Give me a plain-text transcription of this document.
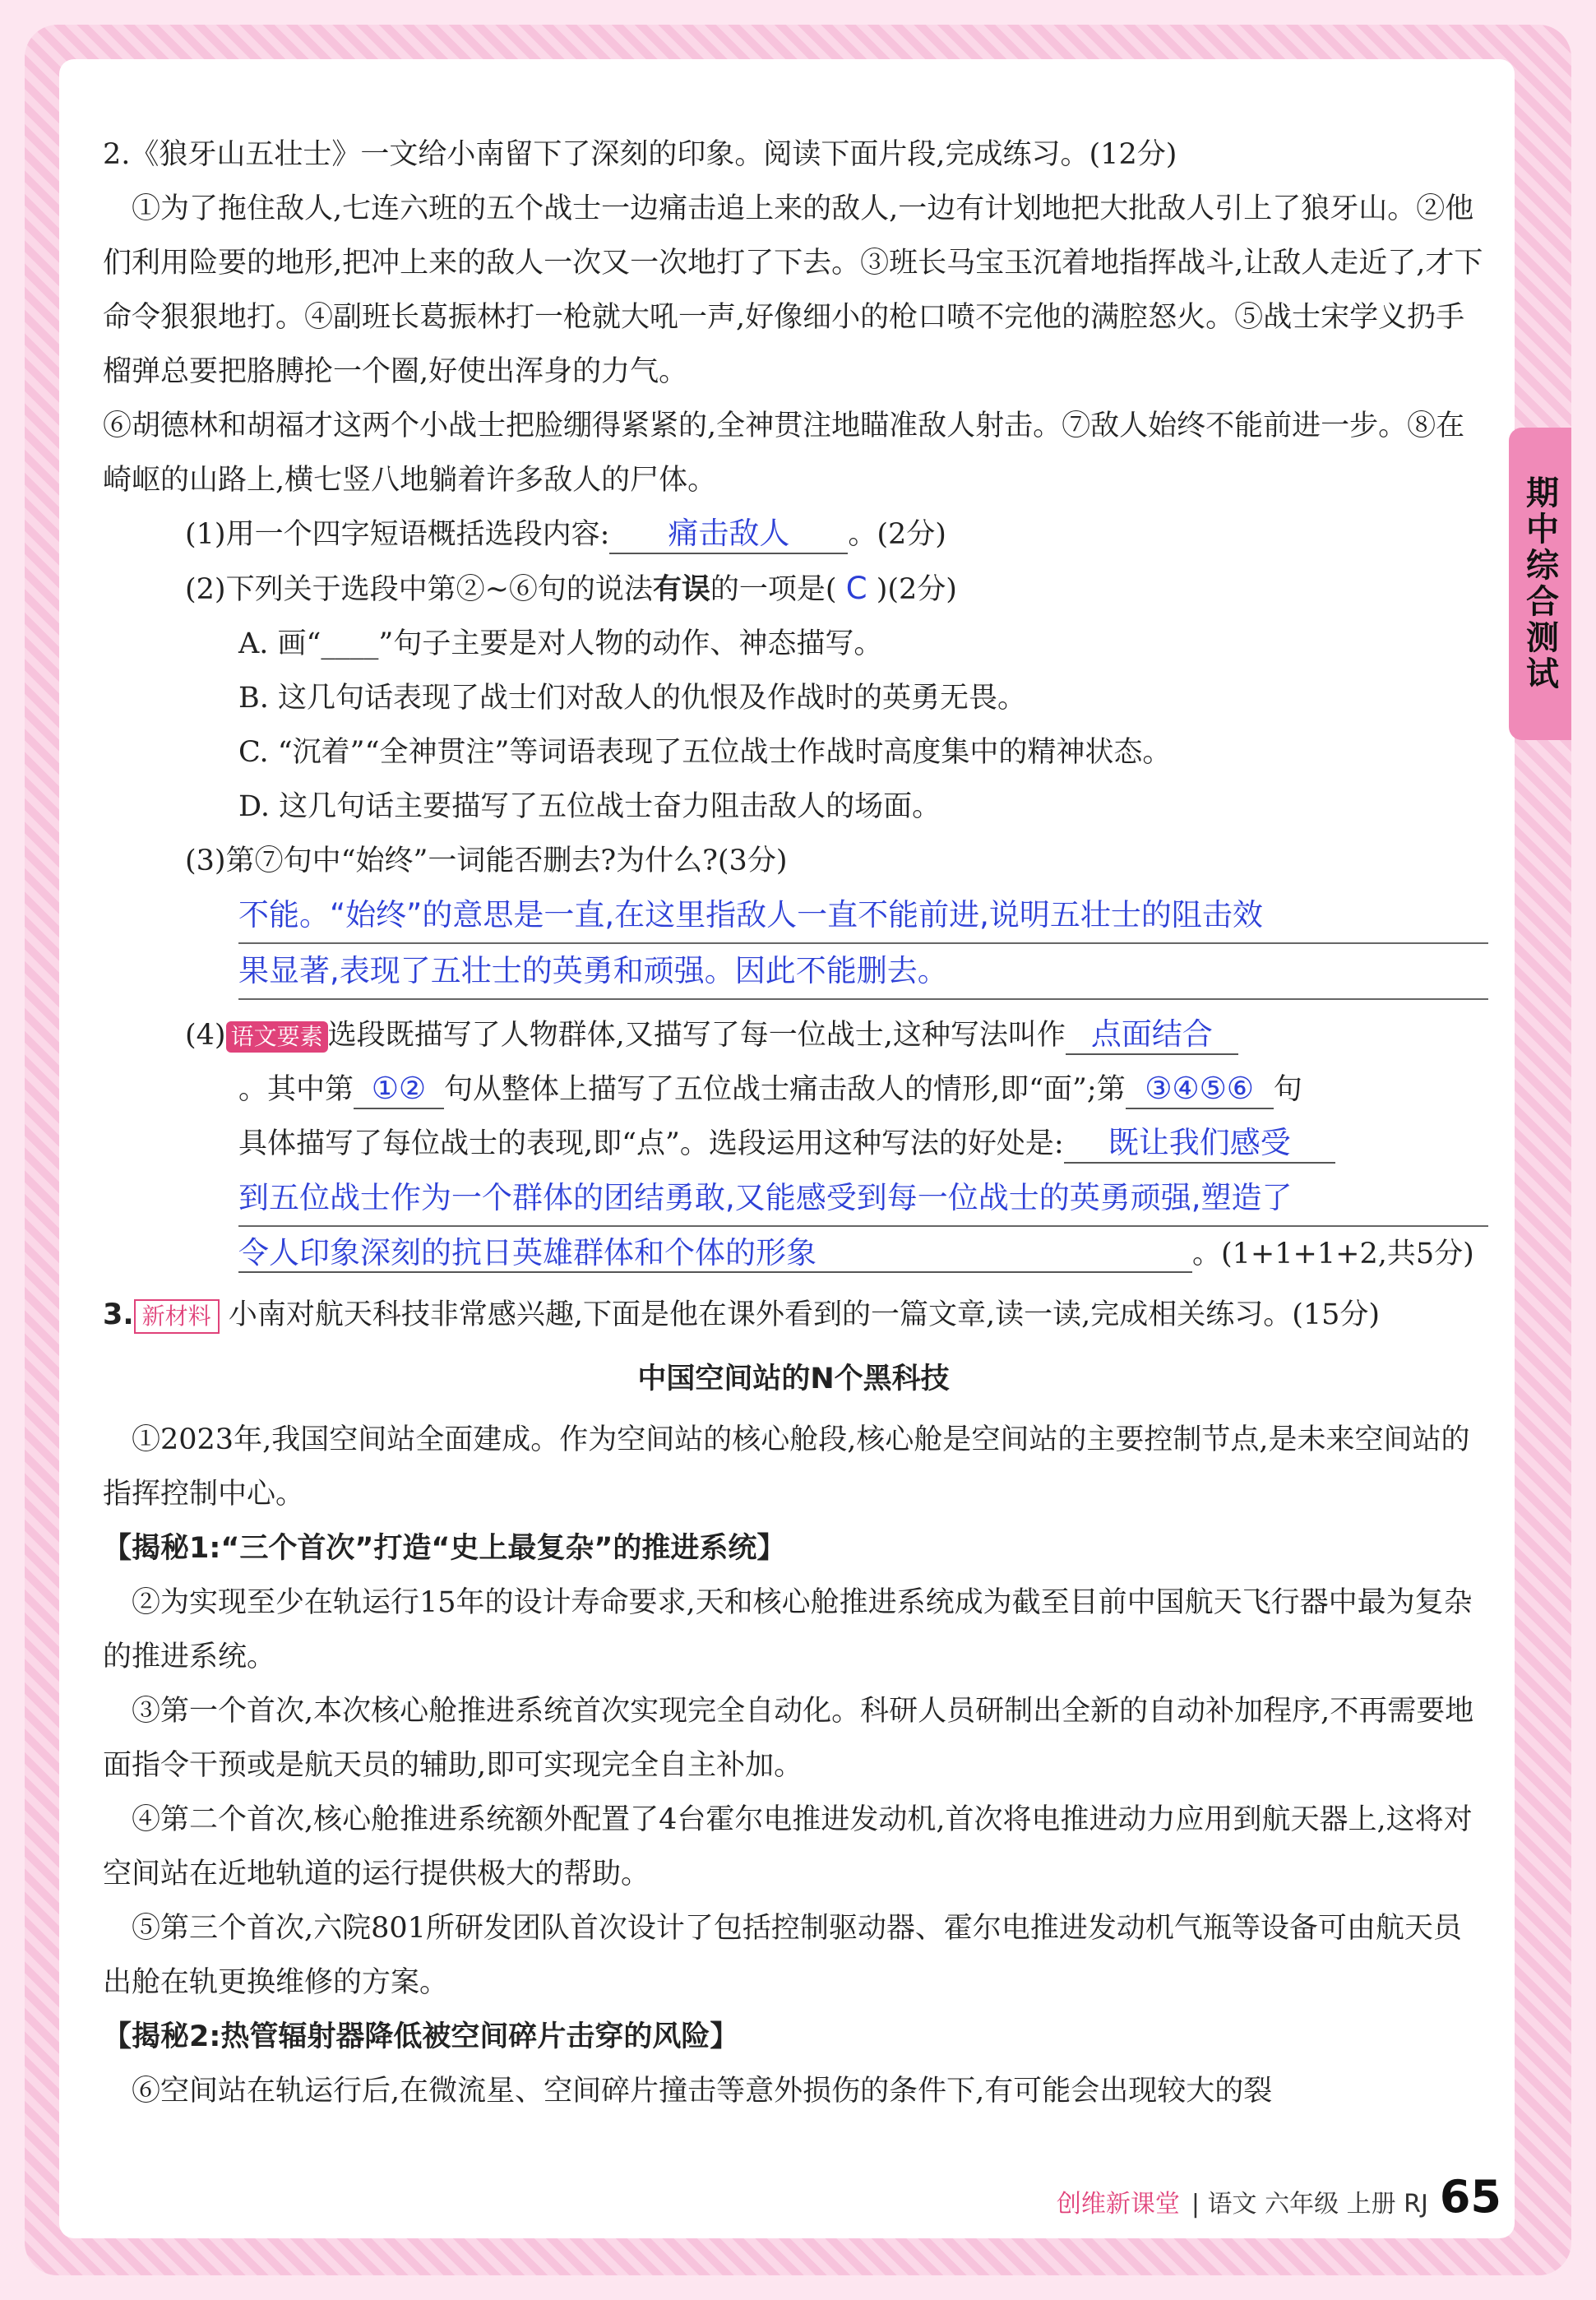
期中综合测试

2.《狼牙山五壮士》一文给小南留下了深刻的印象。阅读下面片段,完成练习。(12分)

①为了拖住敌人,七连六班的五个战士一边痛击追上来的敌人,一边有计划地把大批敌人引上了狼牙山。②他们利用险要的地形,把冲上来的敌人一次又一次地打了下去。③班长马宝玉沉着地指挥战斗,让敌人走近了,才下命令狠狠地打。④副班长葛振林打一枪就大吼一声,好像细小的枪口喷不完他的满腔怒火。⑤战士宋学义扔手榴弹总要把胳膊抡一个圈,好使出浑身的力气。

⑥胡德林和胡福才这两个小战士把脸绷得紧紧的,全神贯注地瞄准敌人射击。⑦敌人始终不能前进一步。⑧在崎岖的山路上,横七竖八地躺着许多敌人的尸体。

(1)用一个四字短语概括选段内容: 痛击敌人 。(2分)

(2)下列关于选段中第②~⑥句的说法有误的一项是( C )(2分)

A. 画“____”句子主要是对人物的动作、神态描写。

B. 这几句话表现了战士们对敌人的仇恨及作战时的英勇无畏。

C. “沉着”“全神贯注”等词语表现了五位战士作战时高度集中的精神状态。

D. 这几句话主要描写了五位战士奋力阻击敌人的场面。

(3)第⑦句中“始终”一词能否删去?为什么?(3分)

不能。“始终”的意思是一直,在这里指敌人一直不能前进,说明五壮士的阻击效
果显著,表现了五壮士的英勇和顽强。因此不能删去。

(4) 语文要素 选段既描写了人物群体,又描写了每一位战士,这种写法叫作 点面结合

。其中第 ①② 句从整体上描写了五位战士痛击敌人的情形,即“面”;第 ③④⑤⑥ 句

具体描写了每位战士的表现,即“点”。选段运用这种写法的好处是: 既让我们感受

到五位战士作为一个群体的团结勇敢,又能感受到每一位战士的英勇顽强,塑造了

令人印象深刻的抗日英雄群体和个体的形象	。(1+1+1+2,共5分)

3. 新材料 小南对航天科技非常感兴趣,下面是他在课外看到的一篇文章,读一读,完成相关练习。(15分)

中国空间站的N个黑科技

①2023年,我国空间站全面建成。作为空间站的核心舱段,核心舱是空间站的主要控制节点,是未来空间站的指挥控制中心。

【揭秘1:“三个首次”打造“史上最复杂”的推进系统】

②为实现至少在轨运行15年的设计寿命要求,天和核心舱推进系统成为截至目前中国航天飞行器中最为复杂的推进系统。

③第一个首次,本次核心舱推进系统首次实现完全自动化。科研人员研制出全新的自动补加程序,不再需要地面指令干预或是航天员的辅助,即可实现完全自主补加。

④第二个首次,核心舱推进系统额外配置了4台霍尔电推进发动机,首次将电推进动力应用到航天器上,这将对空间站在近地轨道的运行提供极大的帮助。

⑤第三个首次,六院801所研发团队首次设计了包括控制驱动器、霍尔电推进发动机气瓶等设备可由航天员出舱在轨更换维修的方案。

【揭秘2:热管辐射器降低被空间碎片击穿的风险】

⑥空间站在轨运行后,在微流星、空间碎片撞击等意外损伤的条件下,有可能会出现较大的裂

创维新课堂 | 语文 六年级 上册 RJ 65
